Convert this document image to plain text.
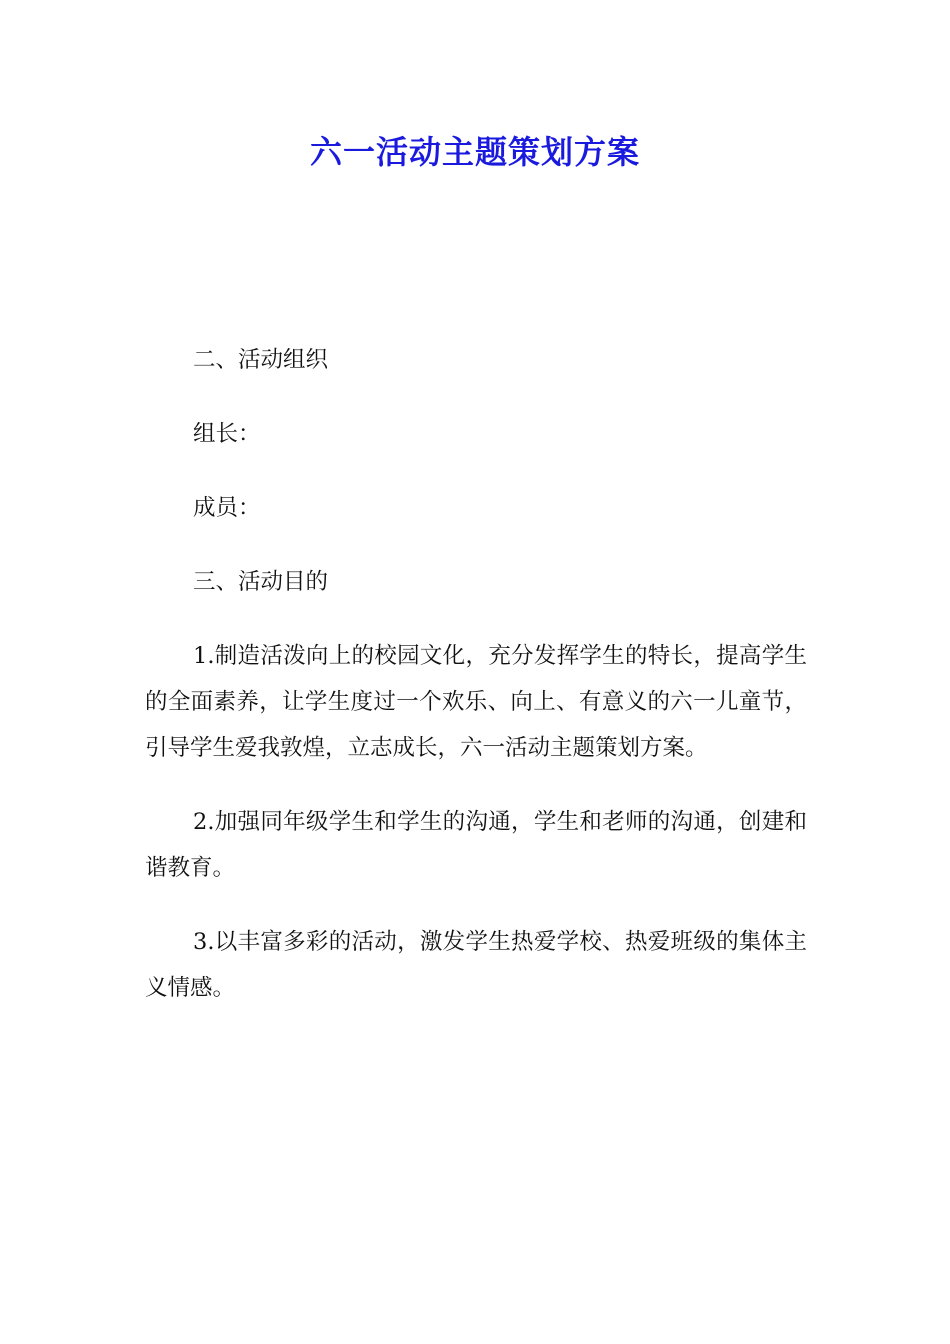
六一活动主题策划方案

二、活动组织

组长：

成员：

三、活动目的

1.制造活泼向上的校园文化，充分发挥学生的特长，提高学生的全面素养，让学生度过一个欢乐、向上、有意义的六一儿童节，引导学生爱我敦煌，立志成长，六一活动主题策划方案。

2.加强同年级学生和学生的沟通，学生和老师的沟通，创建和谐教育。

3.以丰富多彩的活动，激发学生热爱学校、热爱班级的集体主义情感。
